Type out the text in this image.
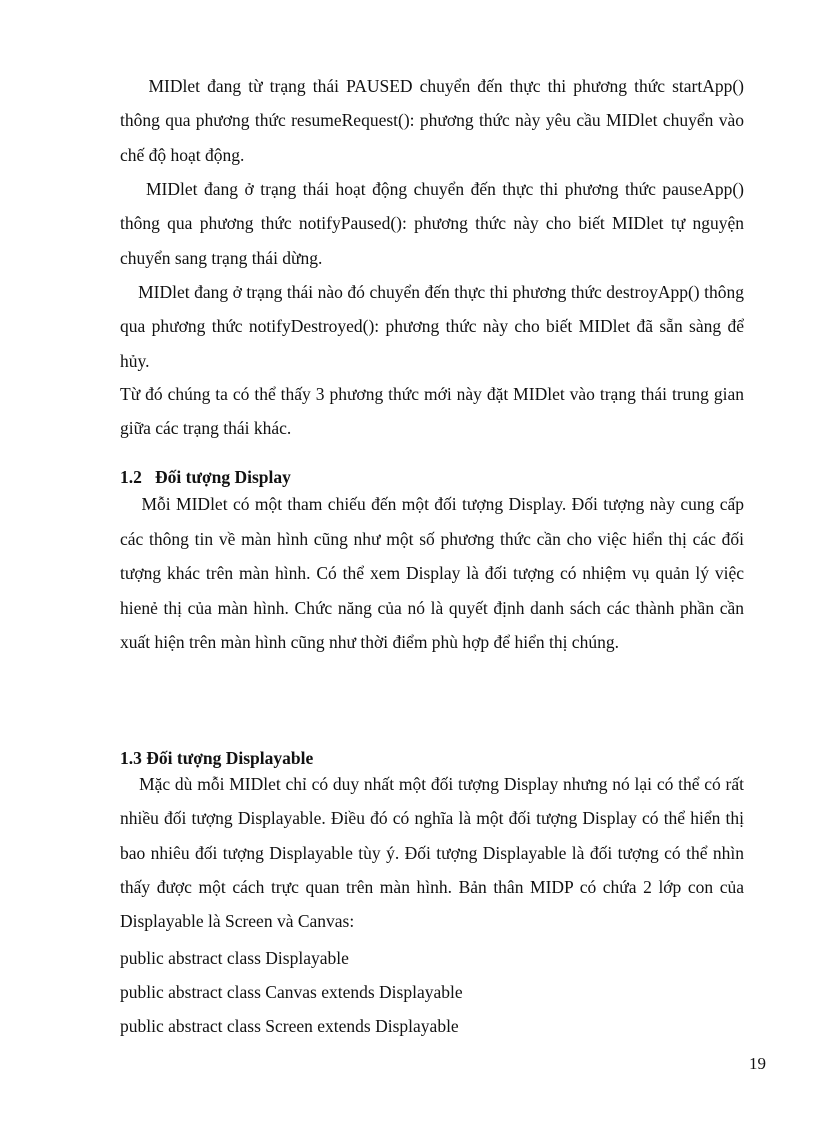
MIDlet đang từ trạng thái PAUSED chuyển đến thực thi phương thức startApp() thông qua phương thức resumeRequest(): phương thức này yêu cầu MIDlet chuyển vào chế độ hoạt động.
MIDlet đang ở trạng thái hoạt động chuyển đến thực thi phương thức pauseApp() thông qua phương thức notifyPaused(): phương thức này cho biết MIDlet tự nguyện chuyển sang trạng thái dừng.
MIDlet đang ở trạng thái nào đó chuyển đến thực thi phương thức destroyApp() thông qua phương thức notifyDestroyed(): phương thức này cho biết MIDlet đã sẵn sàng để hủy.
Từ đó chúng ta có thể thấy 3 phương thức mới này đặt MIDlet vào trạng thái trung gian giữa các trạng thái khác.
1.2   Đối tượng Display
Mỗi MIDlet có một tham chiếu đến một đối tượng Display. Đối tượng này cung cấp các thông tin về màn hình cũng như một số phương thức cần cho việc hiển thị các đối tượng khác trên màn hình. Có thể xem Display là đối tượng có nhiệm vụ quản lý việc hienẻ thị của màn hình. Chức năng của nó là quyết định danh sách các thành phần cần xuất hiện trên màn hình cũng như thời điểm phù hợp để hiển thị chúng.
1.3 Đối tượng Displayable
Mặc dù mỗi MIDlet chỉ có duy nhất một đối tượng Display nhưng nó lại có thể có rất nhiều đối tượng Displayable. Điều đó có nghĩa là một đối tượng Display có thể hiển thị bao nhiêu đối tượng Displayable tùy ý. Đối tượng Displayable là đối tượng có thể nhìn thấy được một cách trực quan trên màn hình. Bản thân MIDP có chứa 2 lớp con của Displayable là Screen và Canvas:
public abstract class Displayable
public abstract class Canvas extends Displayable
public abstract class Screen extends Displayable
19
